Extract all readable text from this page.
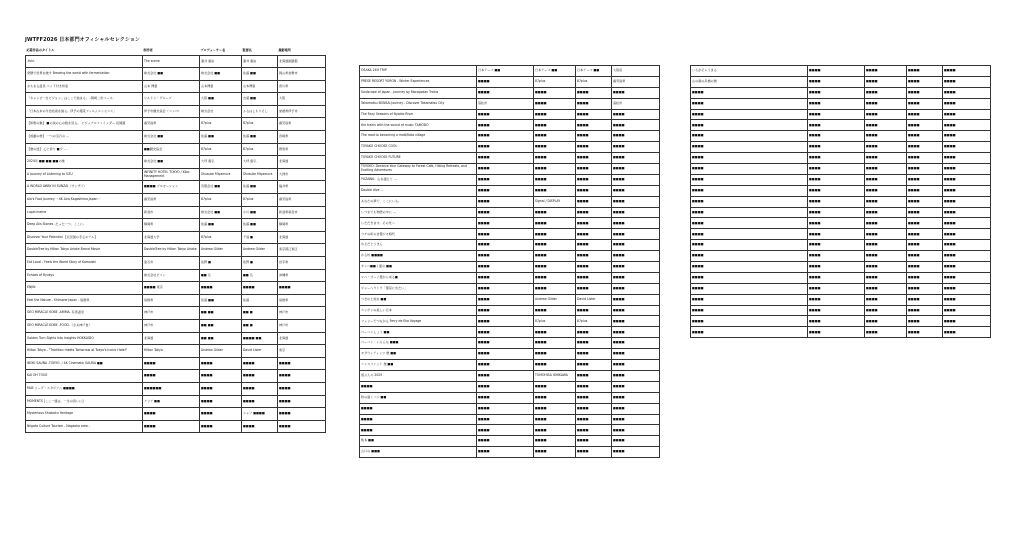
JWTFF2026 日本部門オフィシャルセレクション
応募作品のタイトル	制作者	プロデューサー名	監督名	撮影場所
-Yuki-	The scene	蒲井 康祐	蒲井 康祐	北海道釧路郡
発酵で世界を旅す Brewing the world with fermentation	株式会社 ■■	株式会社 ■■	佐藤 ■■	岡山県倉敷市
おもまる温泉 ベッド付き和室	山本 博康	山本博康	山本博康	香川県
「キャンピ一生ビジョン」はここで始まる。 -岡崎二世コース-	ヒルトン・グループ	大阪 ■■	吉富 ■■	大阪
「日本古来の今治技術を織る。伊予の風景フィルムエッセンス」	伊予市観光協会（コンペ）	株式会社	ふるはしもりそし	愛媛県伊予市
【和歌の魅】 ■の美の心の数を見る。 ビジュアルファインダー 長岡篇	鹿児島県	87plus	87plus	鹿児島県
【遊戯の旅】 一つの宝石の ...	株式会社 ■■	佐藤 ■■	佐藤 ■■	宮崎県
【旅の途】 心と祈り ■夕 ...	■■観光協会	87plus	87plus	群馬県
2024年 ■■ ■■ ■■の旅	株式会社 ■■	大坪 康弘	大坪 康弘	北海道
A Journey of Listening to OZU	INFINITY HOTEL TOKYO / Kibo Management	Shusuke Miyamura	Shusuke Miyamura	大洲市
A WORLD AWAY IN SUNZAI（サンザイ）	■■■■ プロモーション	有限会社 ■■	佐藤 ■■	福井県
Alo's Foot Journey ～4K Aira,Kagoshima,Japan～	鹿児島県	87plus	87plus	鹿児島県
cupid meme	新潟市	株式会社 ■■	小川 ■■	新潟県新潟市
Deep Alis Stories -たった一つ、ここに-	静岡県	佐藤 ■■	佐藤 ■■	静岡県
Discover Your Potential 【北見屋の手心ホテル】	北海道大学	87plus	千島 ■	北海道
DoubleTree by Hilton Tokyo Ariake Brand Movie	DoubleTree by Hilton Tokyo Ariake	Andrew Gilder	Andrew Gilder	東京都江東区
Eat Local - Feels the World Story of Kamaishi	釜石市	佐野 ■	佐野 ■	岩手県
Echoes of Ryukyu	株式会社ピコン	■■ 弘	■■ 弘	沖縄県
ENJIN	■■■■ 東京	■■■■	■■■■	■■■■
Feel the Nature - Shimane Japan - 島根県	島根県	佐藤 ■■	佐藤	島根県
GEO MIRACLE KOBE -ARIMA- 有馬温泉	神戸市	■■ ■■	■■ ■	神戸市
GEO MIRACLE KOBE -FOOD-（さあ神戸食）	神戸市	■■ ■■	■■ ■	神戸市
Golden Turn Sights Into Insights HOKKAIDO	北海道	■■ ■■	■■■■ ■■	北海道
Hilton Tokyo - "Tradition meets Tomorrow at Tokyo's iconic Hotel"	Hilton Tokyo	Andrew Gilder	David Lister	東京
IBOKI SAUNA -TOKYO- / 4K Cinematic SAUNA ■■	■■■■	■■■■	■■■■	■■■■
KAI OH TOGE	■■■■	■■■■	■■■■	■■■■
MLB リーグ・スタジアム ■■■■	■■■■■■	■■■■	■■■■	■■■■
MOMENTS [ここ一緒は、一生の思いに]	アリア ■■	■■■■	■■■■	■■■■
Mysterious Shiokoku Heritage	■■■■	■■■■	シャプ ■■■■	■■■■
Niigata Culture Tourism - Nagaoka area -	■■■■	■■■■	■■■■	■■■■
OSAKA 24H TRIP	日本テーマ ■■	日本テーマ ■■	日本テーマ ■■	大阪府
PRESE RESORT YORON - Winter Experiences	■■■■	87plus	87plus	鹿児島県
Soulscape of Japan - Journey by Morogodan Trains	■■■■	■■■■	■■■■	■■■■
Takamatsu BONSAI Journey - Discover Takamatsu City	高松市	■■■■	■■■■	高松市
The Foxy Seasons of Nyoido River	■■■■	■■■■	■■■■	■■■■
the trains with the sound of music TAMODO	■■■■	■■■■	■■■■	■■■■
The road to becoming a matt/Kota village	■■■■	■■■■	■■■■	■■■■
TOYAKO CHOOSE COOL	■■■■	■■■■	■■■■	■■■■
TOYAKO CHOOSE FUTURE	■■■■	■■■■	■■■■	■■■■
TOYOKO: Decisive Your Gateway to Forest Cafe, Hiking Retreats, and Exciting Adventures	■■■■	■■■■	■■■■	■■■■
YUZAWA：山を越えて ...	■■■■	■■■■	■■■■	■■■■
Double dive ...	■■■■	■■■■	■■■■	■■■■
あなたの夢で、ここにいる。	■■■■	Signal / DISPLAY	■■■■	■■■■
いつまでも物語の中に ...	■■■■	■■■■	■■■■	■■■■
いただきます。その先へ	■■■■	■■■■	■■■■	■■■■
ウチの町の自慢ジモ時代	■■■■	■■■■	■■■■	■■■■
かそだとうきん	■■■■	■■■■	■■■■	■■■■
かる坊 ■■■■	■■■■	■■■■	■■■■	■■■■
サンベ■■ / 夏の ■■	■■■■	■■■■	■■■■	■■■■
シベ・オー / 風から来る■	■■■■	■■■■	■■■■	■■■■
ジョーヘウトウ「風景に出たい」	■■■■	■■■■	■■■■	■■■■
つぎの土地を ■■	■■■■	Andrew Gilder	David Lister	■■■■
ニッポンの美しい日本	■■■■	■■■■	■■■■	■■■■
フェリーでつながる Ferry de Eko Voyage	■■■■	87plus	87plus	■■■■
ベーコンしょう ■■	■■■■	■■■■	■■■■	■■■■
ベーコン・いろんな ■■■	■■■■	■■■■	■■■■	■■■■
モダウィティッツ 旅 ■■	■■■■	■■■■	■■■■	■■■■
ユンスファット 旅 ■■	■■■■	■■■■	■■■■	■■■■
遊ぶ人々 2025	■■■■	TOMOHISA ISHIKAWA	■■■■	■■■■
■■■■	■■■■	■■■■	■■■■	■■■■
秋の遠くバシ ■■	■■■■	■■■■	■■■■	■■■■
■■■■	■■■■	■■■■	■■■■	■■■■
■■■■	■■■■	■■■■	■■■■	■■■■
■■■■	■■■■	■■■■	■■■■	■■■■
熊本 ■■	■■■■	■■■■	■■■■	■■■■
山口の ■■■	■■■■	■■■■	■■■■	■■■■
いろがそらうまる	■■■■	■■■■	■■■■	■■■■
山の春の吊橋の旅	■■■■	■■■■	■■■■	■■■■
■■■■	■■■■	■■■■	■■■■	■■■■
■■■■	■■■■	■■■■	■■■■	■■■■
■■■■	■■■■	■■■■	■■■■	■■■■
■■■■	■■■■	■■■■	■■■■	■■■■
■■■■	■■■■	■■■■	■■■■	■■■■
■■■■	■■■■	■■■■	■■■■	■■■■
■■■■	■■■■	■■■■	■■■■	■■■■
■■■■	■■■■	■■■■	■■■■	■■■■
■■■■	■■■■	■■■■	■■■■	■■■■
■■■■	■■■■	■■■■	■■■■	■■■■
■■■■	■■■■	■■■■	■■■■	■■■■
■■■■	■■■■	■■■■	■■■■	■■■■
■■■■	■■■■	■■■■	■■■■	■■■■
■■■■	■■■■	■■■■	■■■■	■■■■
■■■■	■■■■	■■■■	■■■■	■■■■
■■■■	■■■■	■■■■	■■■■	■■■■
■■■■	■■■■	■■■■	■■■■	■■■■
■■■■	■■■■	■■■■	■■■■	■■■■
■■■■	■■■■	■■■■	■■■■	■■■■
■■■■	■■■■	■■■■	■■■■	■■■■
■■■■	■■■■	■■■■	■■■■	■■■■
■■■■	■■■■	■■■■	■■■■	■■■■
■■■■	■■■■	■■■■	■■■■	■■■■
